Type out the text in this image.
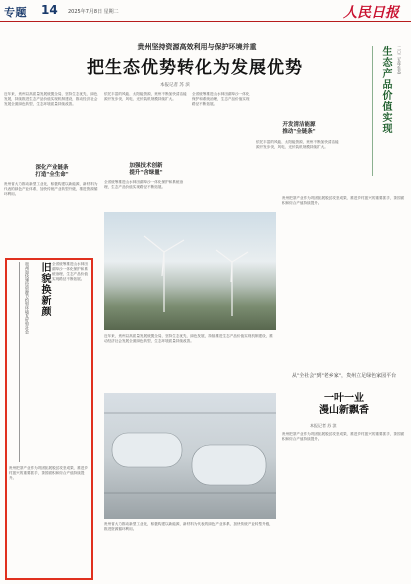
专题 14 2025年7月8日 星期二	人民日报
贵州坚持资源高效利用与保护环境并重
把生态优势转化为发展优势
本报记者 苏 滨
近年来，贵州以高质量发展统揽全局，坚持生态优先、绿色发展，持续推进生态产品价值实现机制建设，推动经济社会发展全面绿色转型，生态环境质量持续改善。
深化产业链条
打造"全生命"
贵州省大力推动新型工业化，积极构建以新能源、新材料为代表的绿色产业体系，加快传统产业转型升级，推进资源循环利用。
依托丰富的风能、太阳能资源，贵州不断加快清洁能源开发步伐，风电、光伏装机规模持续扩大。
加强技术创新
提升"含绿量"
全省统筹推进山水林田湖草沙一体化保护和系统治理，生态产品价值实现路径不断拓展。
全省统筹推进山水林田湖草沙一体化保护和系统治理，生态产品价值实现路径不断拓展。
开发清洁能源
推动"全链条"
依托丰富的风能、太阳能资源，贵州不断加快清洁能源开发步伐，风电、光伏装机规模持续扩大。
生态产品价值实现	二〇二五年生态
贵州把茶产业作为巩固拓展脱贫攻坚成果、推进乡村振兴的重要抓手，茶园面积和综合产值持续提升。
近年来，贵州以高质量发展统揽全局，坚持生态优先、绿色发展，持续推进生态产品价值实现机制建设，推动经济社会发展全面绿色转型，生态环境质量持续改善。
贵州省大力推动新型工业化，积极构建以新能源、新材料为代表的绿色产业体系，加快传统产业转型升级，推进资源循环利用。
贵州加快建设资源节约型环境友好型社会 旧貌换新颜 全省统筹推进山水林田湖草沙一体化保护和系统治理，生态产品价值实现路径不断拓展。
贵州把茶产业作为巩固拓展脱贫攻坚成果、推进乡村振兴的重要抓手，茶园面积和综合产值持续提升。
从"全社会"到"老乡家"，贵州立足绿色家园平台
一叶一业
漫山新飘香
本报记者 苏 滨
贵州把茶产业作为巩固拓展脱贫攻坚成果、推进乡村振兴的重要抓手，茶园面积和综合产值持续提升。
